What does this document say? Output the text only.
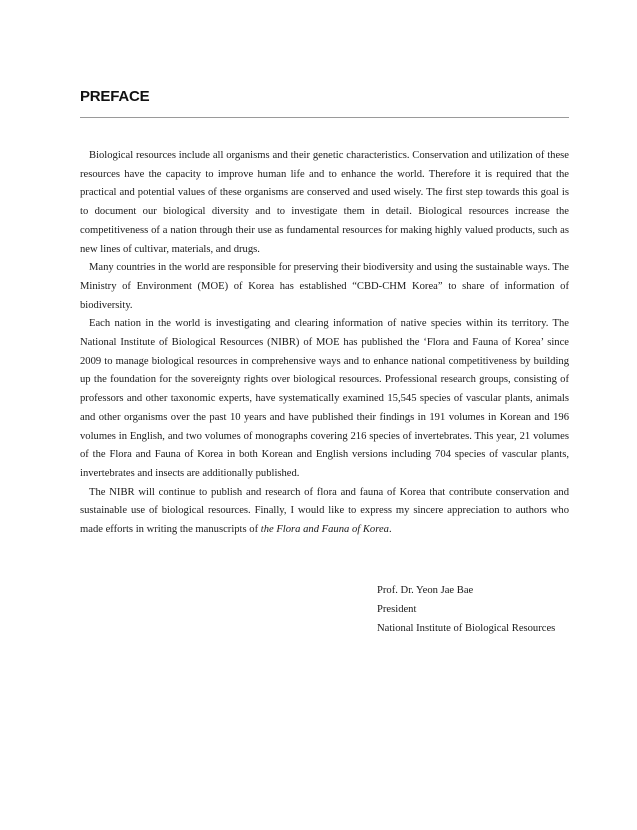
PREFACE

Biological resources include all organisms and their genetic characteristics. Conservation and utilization of these resources have the capacity to improve human life and to enhance the world. Therefore it is required that the practical and potential values of these organisms are conserved and used wisely. The first step towards this goal is to document our biological diversity and to investigate them in detail. Biological resources increase the competitiveness of a nation through their use as fundamental resources for making highly valued products, such as new lines of cultivar, materials, and drugs.

Many countries in the world are responsible for preserving their biodiversity and using the sustainable ways. The Ministry of Environment (MOE) of Korea has established “CBD-CHM Korea” to share of information of biodiversity.

Each nation in the world is investigating and clearing information of native species within its territory. The National Institute of Biological Resources (NIBR) of MOE has published the ‘Flora and Fauna of Korea’ since 2009 to manage biological resources in comprehensive ways and to enhance national competitiveness by building up the foundation for the sovereignty rights over biological resources. Professional research groups, consisting of professors and other taxonomic experts, have systematically examined 15,545 species of vascular plants, animals and other organisms over the past 10 years and have published their findings in 191 volumes in Korean and 196 volumes in English, and two volumes of monographs covering 216 species of invertebrates. This year, 21 volumes of the Flora and Fauna of Korea in both Korean and English versions including 704 species of vascular plants, invertebrates and insects are additionally published.

The NIBR will continue to publish and research of flora and fauna of Korea that contribute conservation and sustainable use of biological resources. Finally, I would like to express my sincere appreciation to authors who made efforts in writing the manuscripts of the Flora and Fauna of Korea.

Prof. Dr. Yeon Jae Bae
President
National Institute of Biological Resources
